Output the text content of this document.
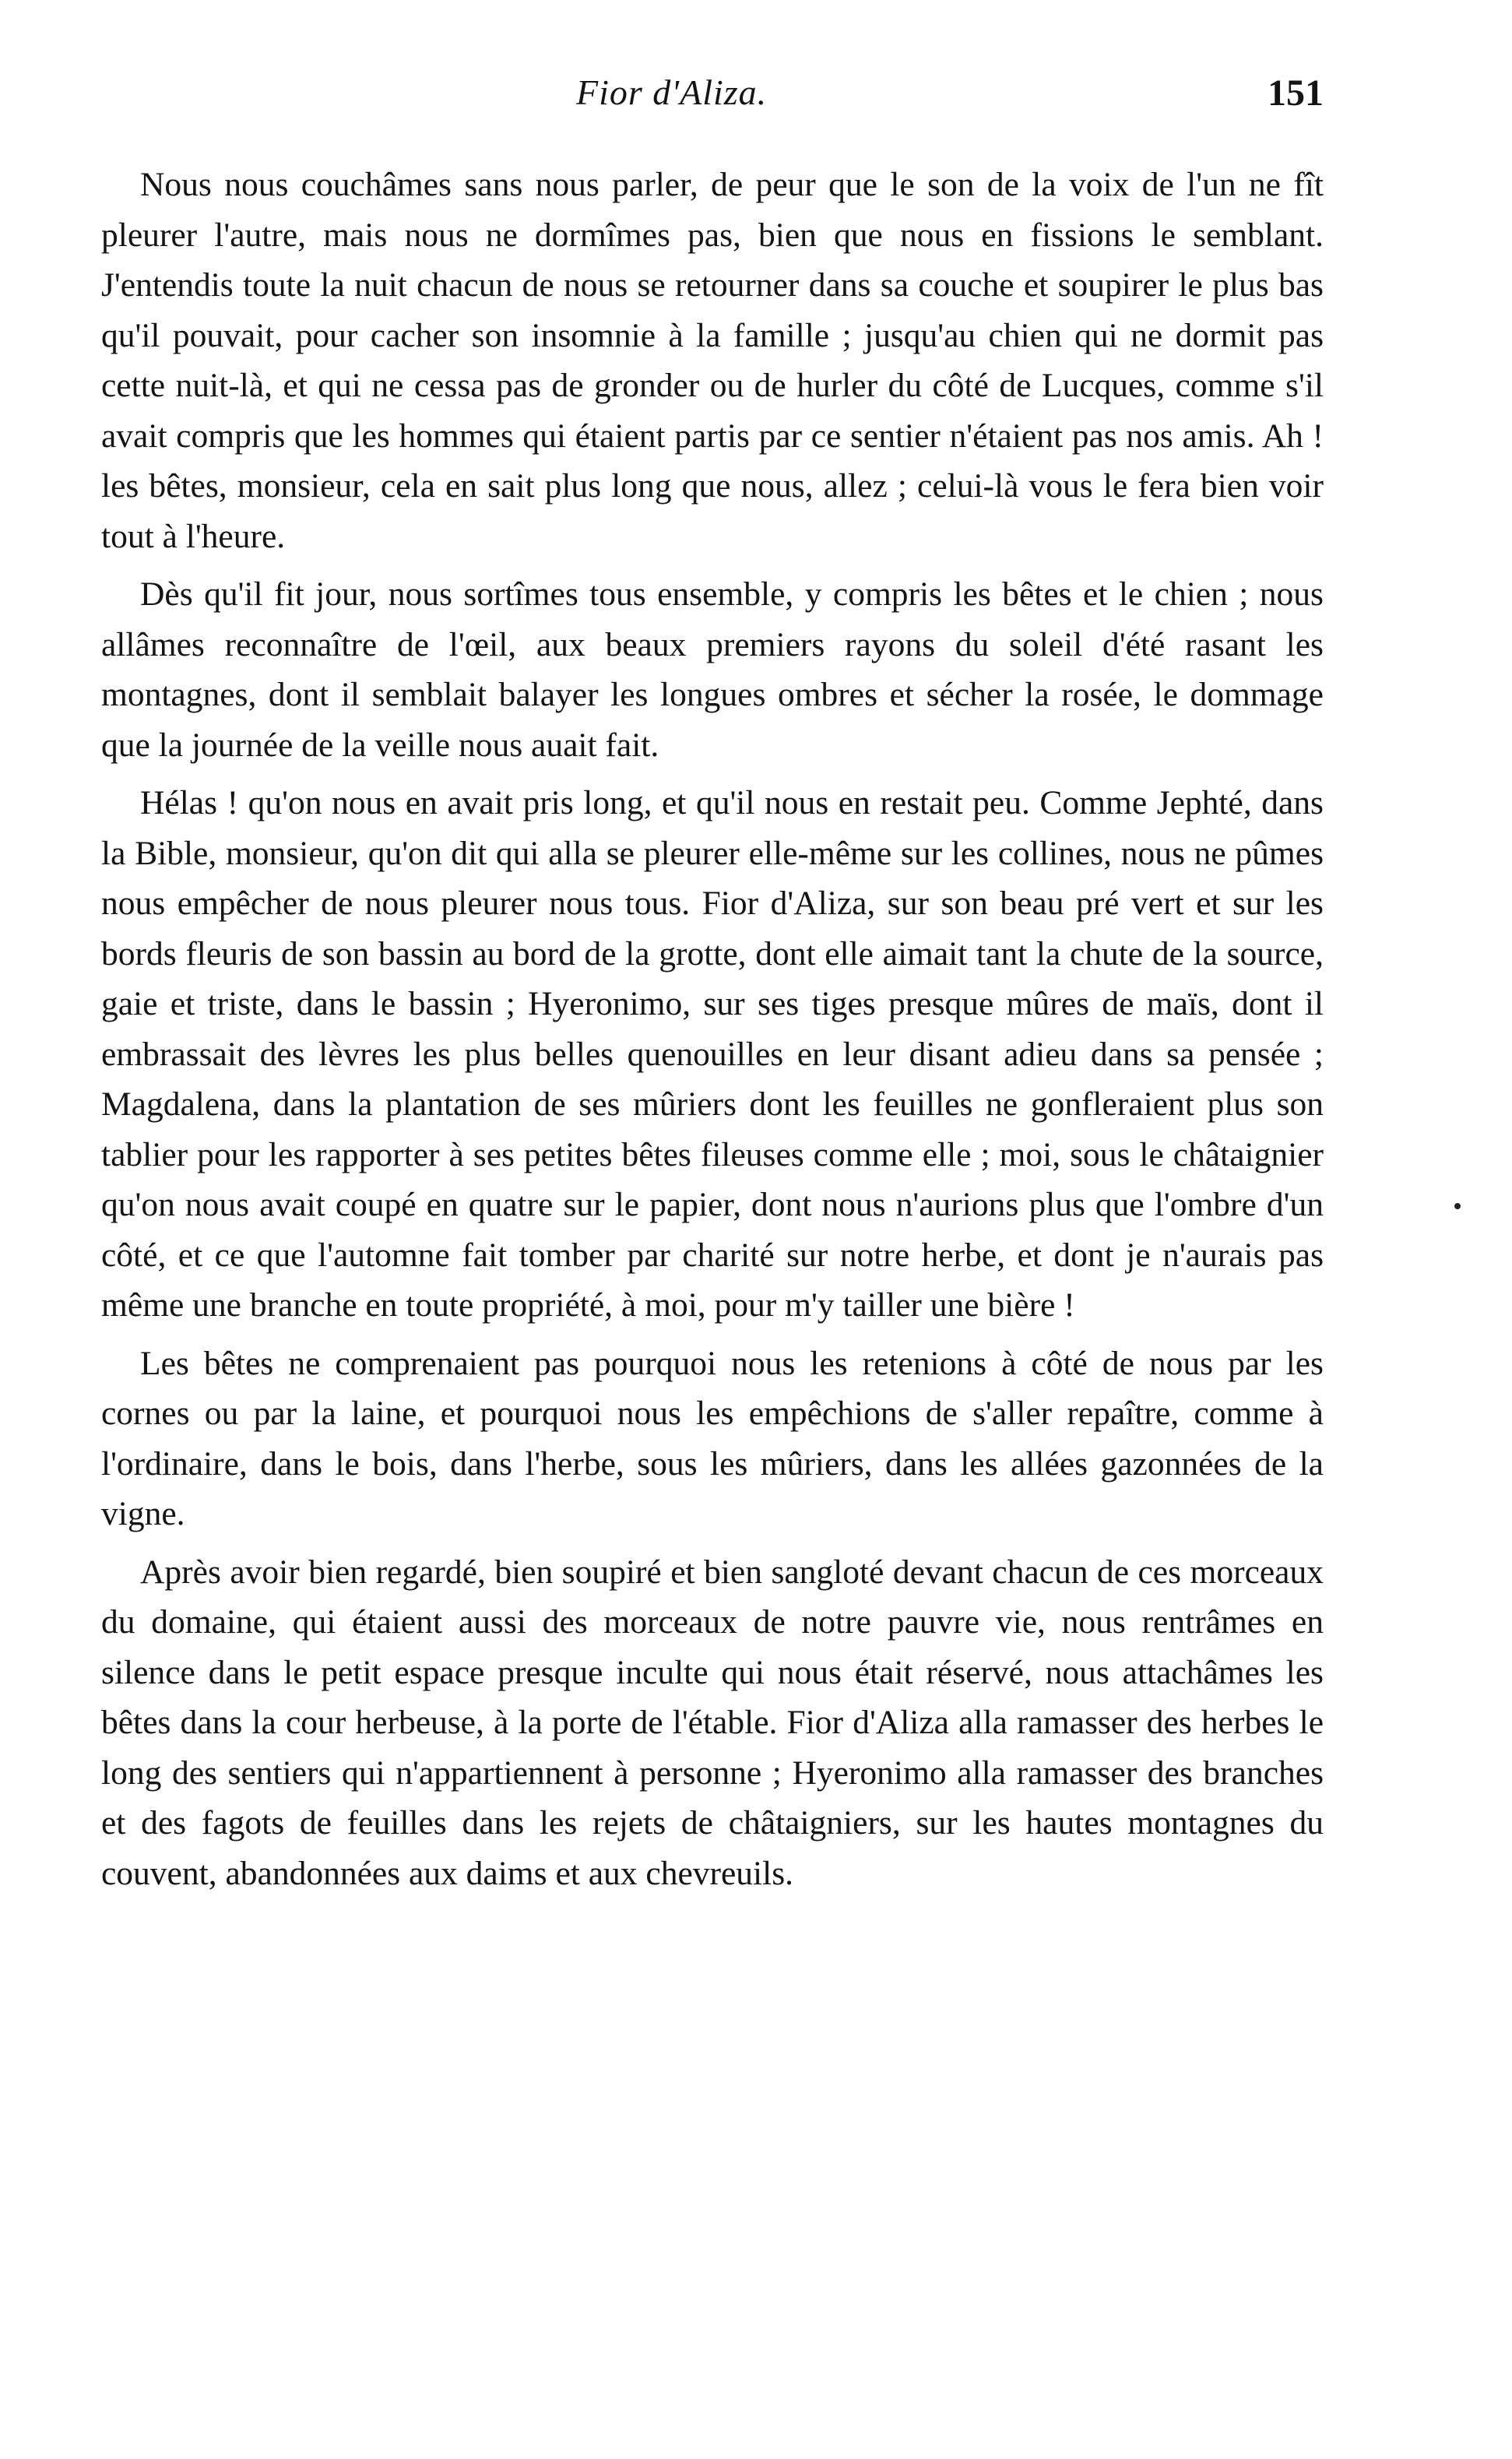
Fior d'Aliza.	151

Nous nous couchâmes sans nous parler, de peur que le son de la voix de l'un ne fît pleurer l'autre, mais nous ne dormîmes pas, bien que nous en fissions le semblant. J'entendis toute la nuit chacun de nous se retourner dans sa couche et soupirer le plus bas qu'il pouvait, pour cacher son insomnie à la famille ; jusqu'au chien qui ne dormit pas cette nuit-là, et qui ne cessa pas de gronder ou de hurler du côté de Lucques, comme s'il avait compris que les hommes qui étaient partis par ce sentier n'étaient pas nos amis. Ah ! les bêtes, monsieur, cela en sait plus long que nous, allez ; celui-là vous le fera bien voir tout à l'heure.

Dès qu'il fit jour, nous sortîmes tous ensemble, y compris les bêtes et le chien ; nous allâmes reconnaître de l'œil, aux beaux premiers rayons du soleil d'été rasant les montagnes, dont il semblait balayer les longues ombres et sécher la rosée, le dommage que la journée de la veille nous auait fait.

Hélas ! qu'on nous en avait pris long, et qu'il nous en restait peu. Comme Jephté, dans la Bible, monsieur, qu'on dit qui alla se pleurer elle-même sur les collines, nous ne pûmes nous empêcher de nous pleurer nous tous. Fior d'Aliza, sur son beau pré vert et sur les bords fleuris de son bassin au bord de la grotte, dont elle aimait tant la chute de la source, gaie et triste, dans le bassin ; Hyeronimo, sur ses tiges presque mûres de maïs, dont il embrassait des lèvres les plus belles quenouilles en leur disant adieu dans sa pensée ; Magdalena, dans la plantation de ses mûriers dont les feuilles ne gonfleraient plus son tablier pour les rapporter à ses petites bêtes fileuses comme elle ; moi, sous le châtaignier qu'on nous avait coupé en quatre sur le papier, dont nous n'aurions plus que l'ombre d'un côté, et ce que l'automne fait tomber par charité sur notre herbe, et dont je n'aurais pas même une branche en toute propriété, à moi, pour m'y tailler une bière !

Les bêtes ne comprenaient pas pourquoi nous les retenions à côté de nous par les cornes ou par la laine, et pourquoi nous les empêchions de s'aller repaître, comme à l'ordinaire, dans le bois, dans l'herbe, sous les mûriers, dans les allées gazonnées de la vigne.

Après avoir bien regardé, bien soupiré et bien sangloté devant chacun de ces morceaux du domaine, qui étaient aussi des morceaux de notre pauvre vie, nous rentrâmes en silence dans le petit espace presque inculte qui nous était réservé, nous attachâmes les bêtes dans la cour herbeuse, à la porte de l'étable. Fior d'Aliza alla ramasser des herbes le long des sentiers qui n'appartiennent à personne ; Hyeronimo alla ramasser des branches et des fagots de feuilles dans les rejets de châtaigniers, sur les hautes montagnes du couvent, abandonnées aux daims et aux chevreuils.
